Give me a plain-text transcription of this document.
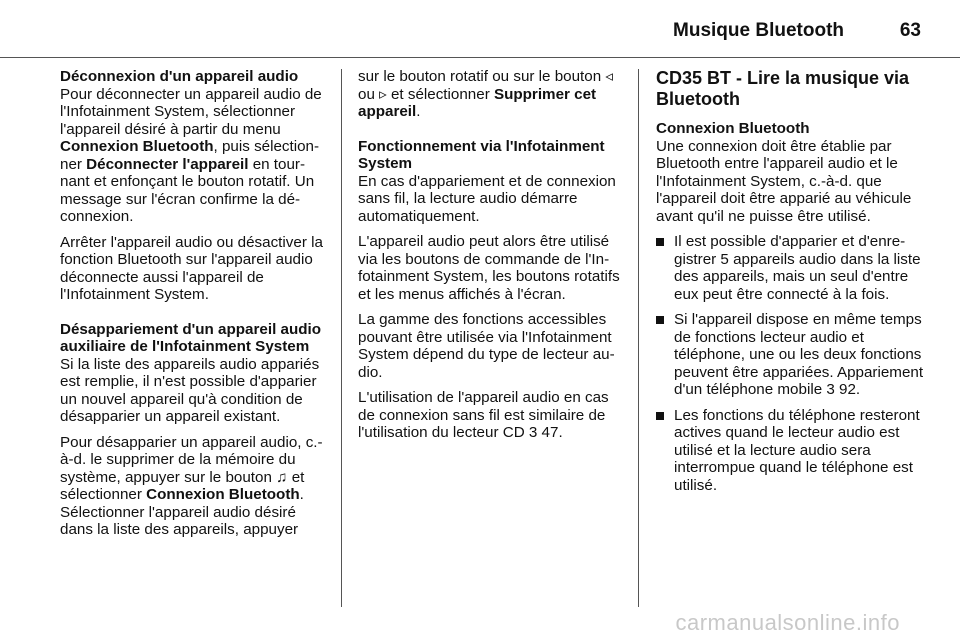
Musique Bluetooth	63
Déconnexion d'un appareil audio

Pour déconnecter un appareil audio de l'Infotainment System, sélectionner l'appareil désiré à partir du menu Connexion Bluetooth, puis sélectionner Déconnecter l'appareil en tournant et enfonçant le bouton rotatif. Un message sur l'écran confirme la déconnexion.

Arrêter l'appareil audio ou désactiver la fonction Bluetooth sur l'appareil audio déconnecte aussi l'appareil de l'Infotainment System.

Désappariement d'un appareil audio auxiliaire de l'Infotainment System

Si la liste des appareils audio appariés est remplie, il n'est possible d'apparier un nouvel appareil qu'à condition de désapparier un appareil existant.

Pour désapparier un appareil audio, c.-à-d. le supprimer de la mémoire du système, appuyer sur le bouton ♫ et sélectionner Connexion Bluetooth. Sélectionner l'appareil audio désiré dans la liste des appareils, appuyer

sur le bouton rotatif ou sur le bouton ◃ ou ▹ et sélectionner Supprimer cet appareil.

Fonctionnement via l'Infotainment System

En cas d'appariement et de connexion sans fil, la lecture audio démarre automatiquement.

L'appareil audio peut alors être utilisé via les boutons de commande de l'Infotainment System, les boutons rotatifs et les menus affichés à l'écran.

La gamme des fonctions accessibles pouvant être utilisée via l'Infotainment System dépend du type de lecteur audio.

L'utilisation de l'appareil audio en cas de connexion sans fil est similaire de l'utilisation du lecteur CD 3 47.

CD35 BT - Lire la musique via Bluetooth
Connexion Bluetooth

Une connexion doit être établie par Bluetooth entre l'appareil audio et le l'Infotainment System, c.-à-d. que l'appareil doit être apparié au véhicule avant qu'il ne puisse être utilisé.

Il est possible d'apparier et d'enregistrer 5 appareils audio dans la liste des appareils, mais un seul d'entre eux peut être connecté à la fois.
Si l'appareil dispose en même temps de fonctions lecteur audio et téléphone, une ou les deux fonctions peuvent être appariées. Appariement d'un téléphone mobile 3 92.
Les fonctions du téléphone resteront actives quand le lecteur audio est utilisé et la lecture audio sera interrompue quand le téléphone est utilisé.
carmanualsonline.info
